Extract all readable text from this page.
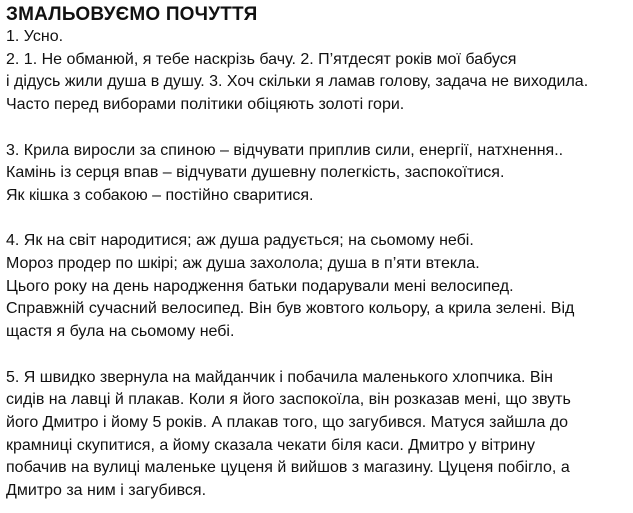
ЗМАЛЬОВУЄМО ПОЧУТТЯ
1. Усно.
2. 1. Не обманюй, я тебе наскрізь бачу. 2. П’ятдесят років мої бабуся
і дідусь жили душа в душу. 3. Хоч скільки я ламав голову, задача не виходила.
Часто перед виборами політики обіцяють золоті гори.
3. Крила виросли за спиною – відчувати приплив сили, енергії, натхнення..
Камінь із серця впав – відчувати душевну полегкість, заспокоїтися.
Як кішка з собакою – постійно сваритися.
4. Як на світ народитися; аж душа радується; на сьомому небі.
Мороз продер по шкірі; аж душа захолола; душа в п’яти втекла.
Цього року на день народження батьки подарували мені велосипед.
Справжній сучасний велосипед. Він був жовтого кольору, а крила зелені. Від
щастя я була на сьомому небі.
5. Я швидко звернула на майданчик і побачила маленького хлопчика. Він
сидів на лавці й плакав. Коли я його заспокоїла, він розказав мені, що звуть
його Дмитро і йому 5 років. А плакав того, що загубився. Матуся зайшла до
крамниці скупитися, а йому сказала чекати біля каси. Дмитро у вітрину
побачив на вулиці маленьке цуценя й вийшов з магазину. Цуценя побігло, а
Дмитро за ним і загубився.
